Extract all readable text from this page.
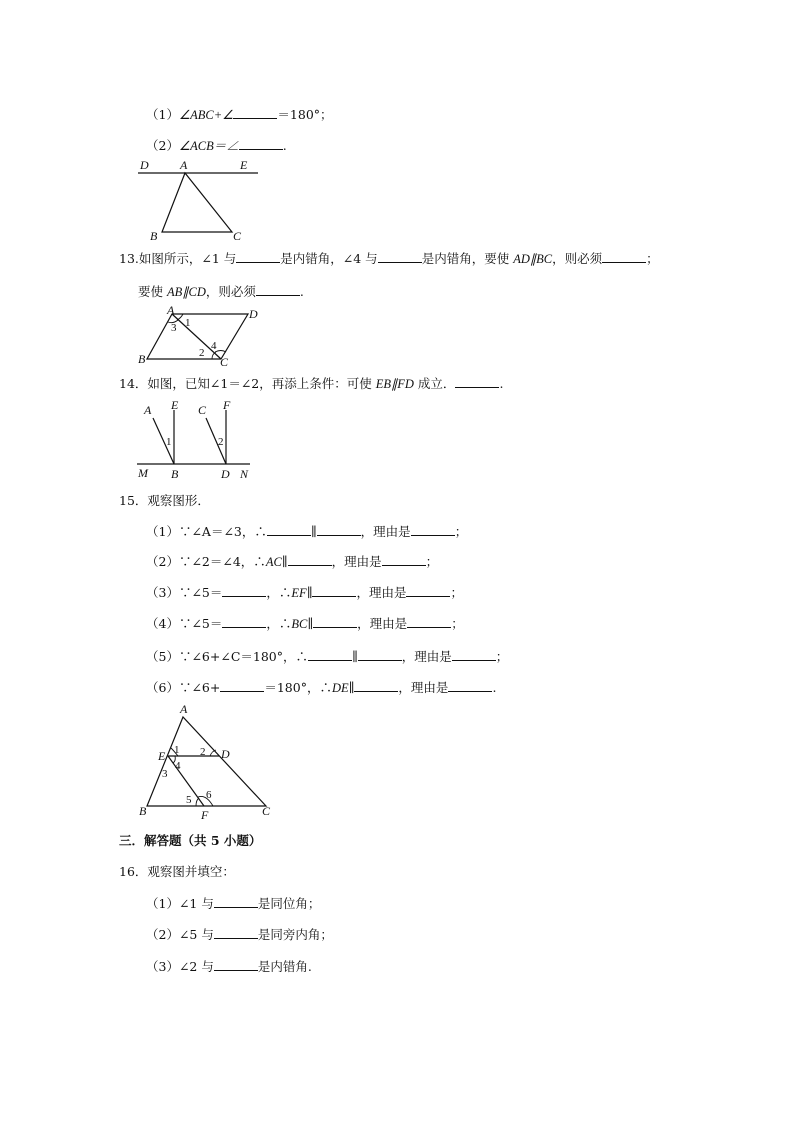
（1）∠ABC+∠	＝180°；
（2）∠ACB＝∠	.
D	A	E
B	C
13.如图所示，∠1 与	是内错角，∠4 与	是内错角，要使 AD∥BC，则必须	；
要使 AB∥CD，则必须	.
A	D
B	C
1
3
2
4
14．如图，已知∠1＝∠2，再添上条件：可使 EB∥FD 成立．	.
A E C F
M B	D N
1	2
15．观察图形．
（1）∵∠A＝∠3，∴	∥	，理由是	；
（2）∵∠2＝∠4，∴AC∥	，理由是	；
（3）∵∠5＝	，∴EF∥	，理由是	；
（4）∵∠5＝	，∴BC∥	，理由是	；
（5）∵∠6+∠C＝180°，∴	∥	，理由是	；
（6）∵∠6+	＝180°，∴DE∥	，理由是	.
A
E	D
B	F	C
1 2
4
3
5 6
三．解答题（共 5 小题）
16．观察图并填空：
（1）∠1 与	是同位角；
（2）∠5 与	是同旁内角；
（3）∠2 与	是内错角.
